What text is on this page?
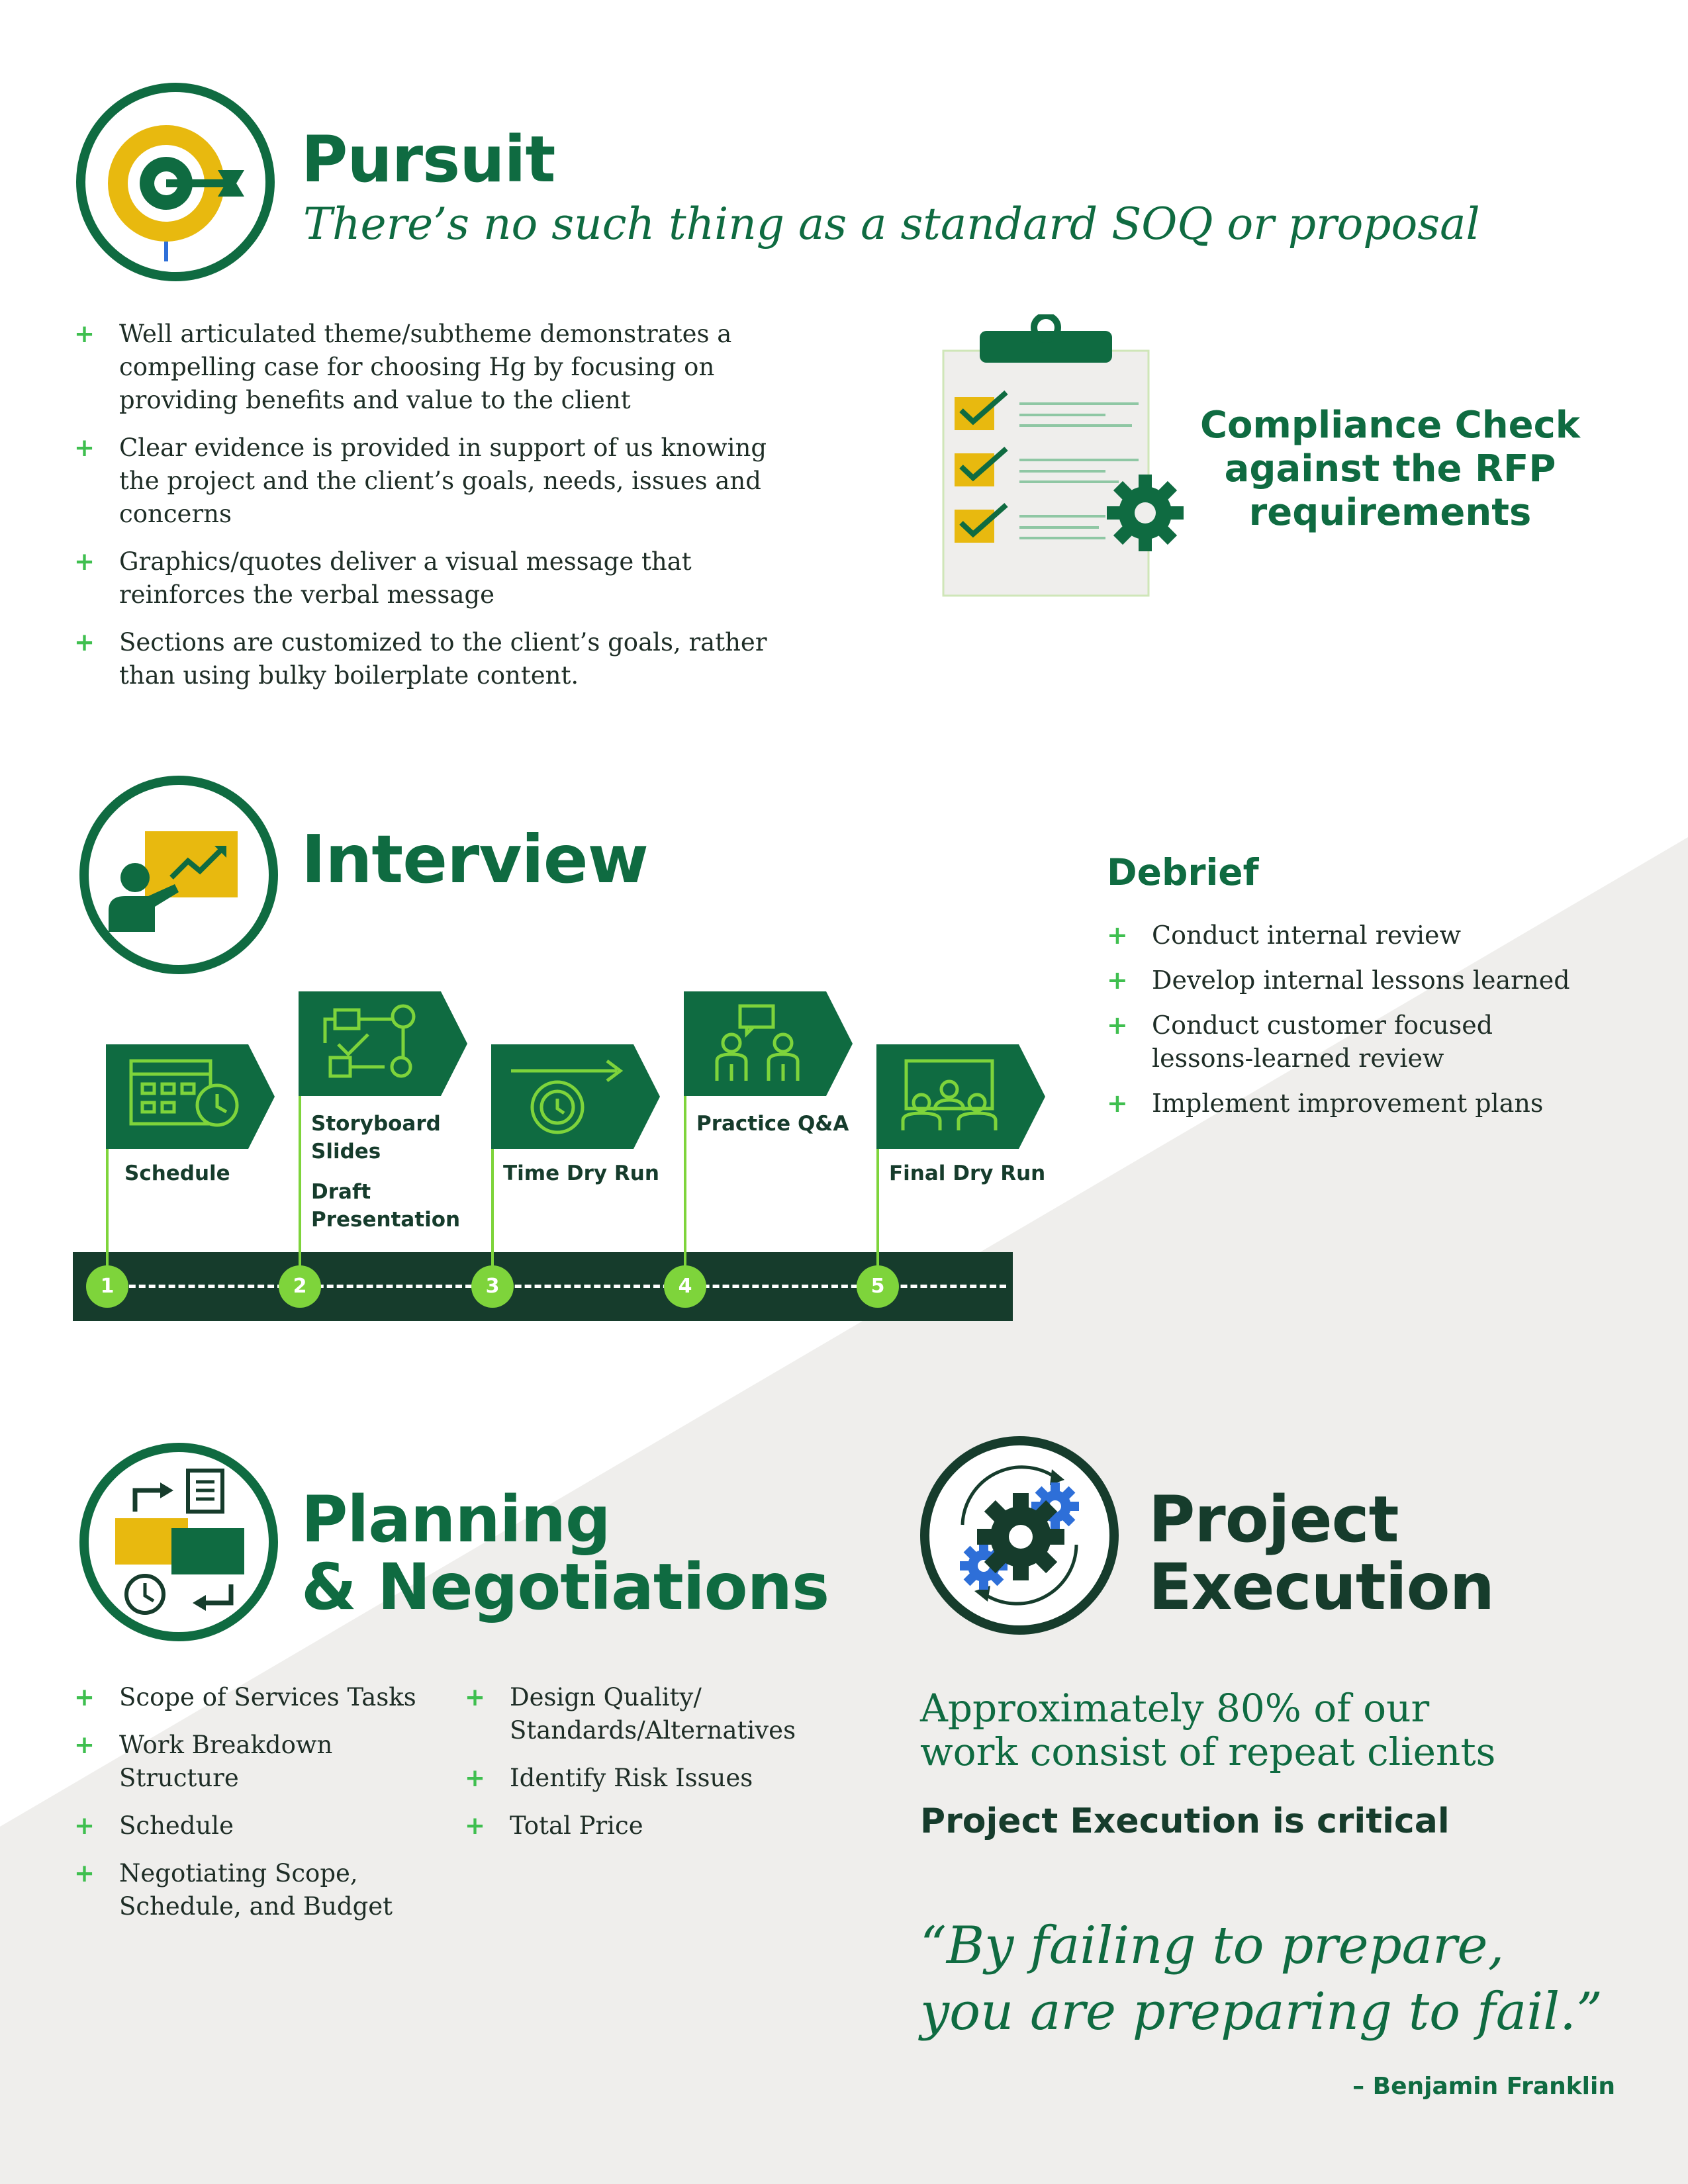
Pursuit
There’s no such thing as a standard SOQ or proposal
+ Well articulated theme/subtheme demonstrates a compelling case for choosing Hg by focusing on providing benefits and value to the client
+ Clear evidence is provided in support of us knowing the project and the client’s goals, needs, issues and concerns
+ Graphics/quotes deliver a visual message that reinforces the verbal message
+ Sections are customized to the client’s goals, rather than using bulky boilerplate content.
Compliance Check
against the RFP
requirements
Interview
Schedule
Storyboard Slides
Draft Presentation
Time Dry Run
Practice Q&A
Final Dry Run
1	2	3	4	5
Debrief
+ Conduct internal review
+ Develop internal lessons learned
+ Conduct customer focused lessons-learned review
+ Implement improvement plans
Planning
& Negotiations
+ Scope of Services Tasks
+ Work Breakdown Structure
+ Schedule
+ Negotiating Scope, Schedule, and Budget
+ Design Quality/ Standards/Alternatives
+ Identify Risk Issues
+ Total Price
Project
Execution
Approximately 80% of our work consist of repeat clients
Project Execution is critical
“By failing to prepare,
you are preparing to fail.”
– Benjamin Franklin
